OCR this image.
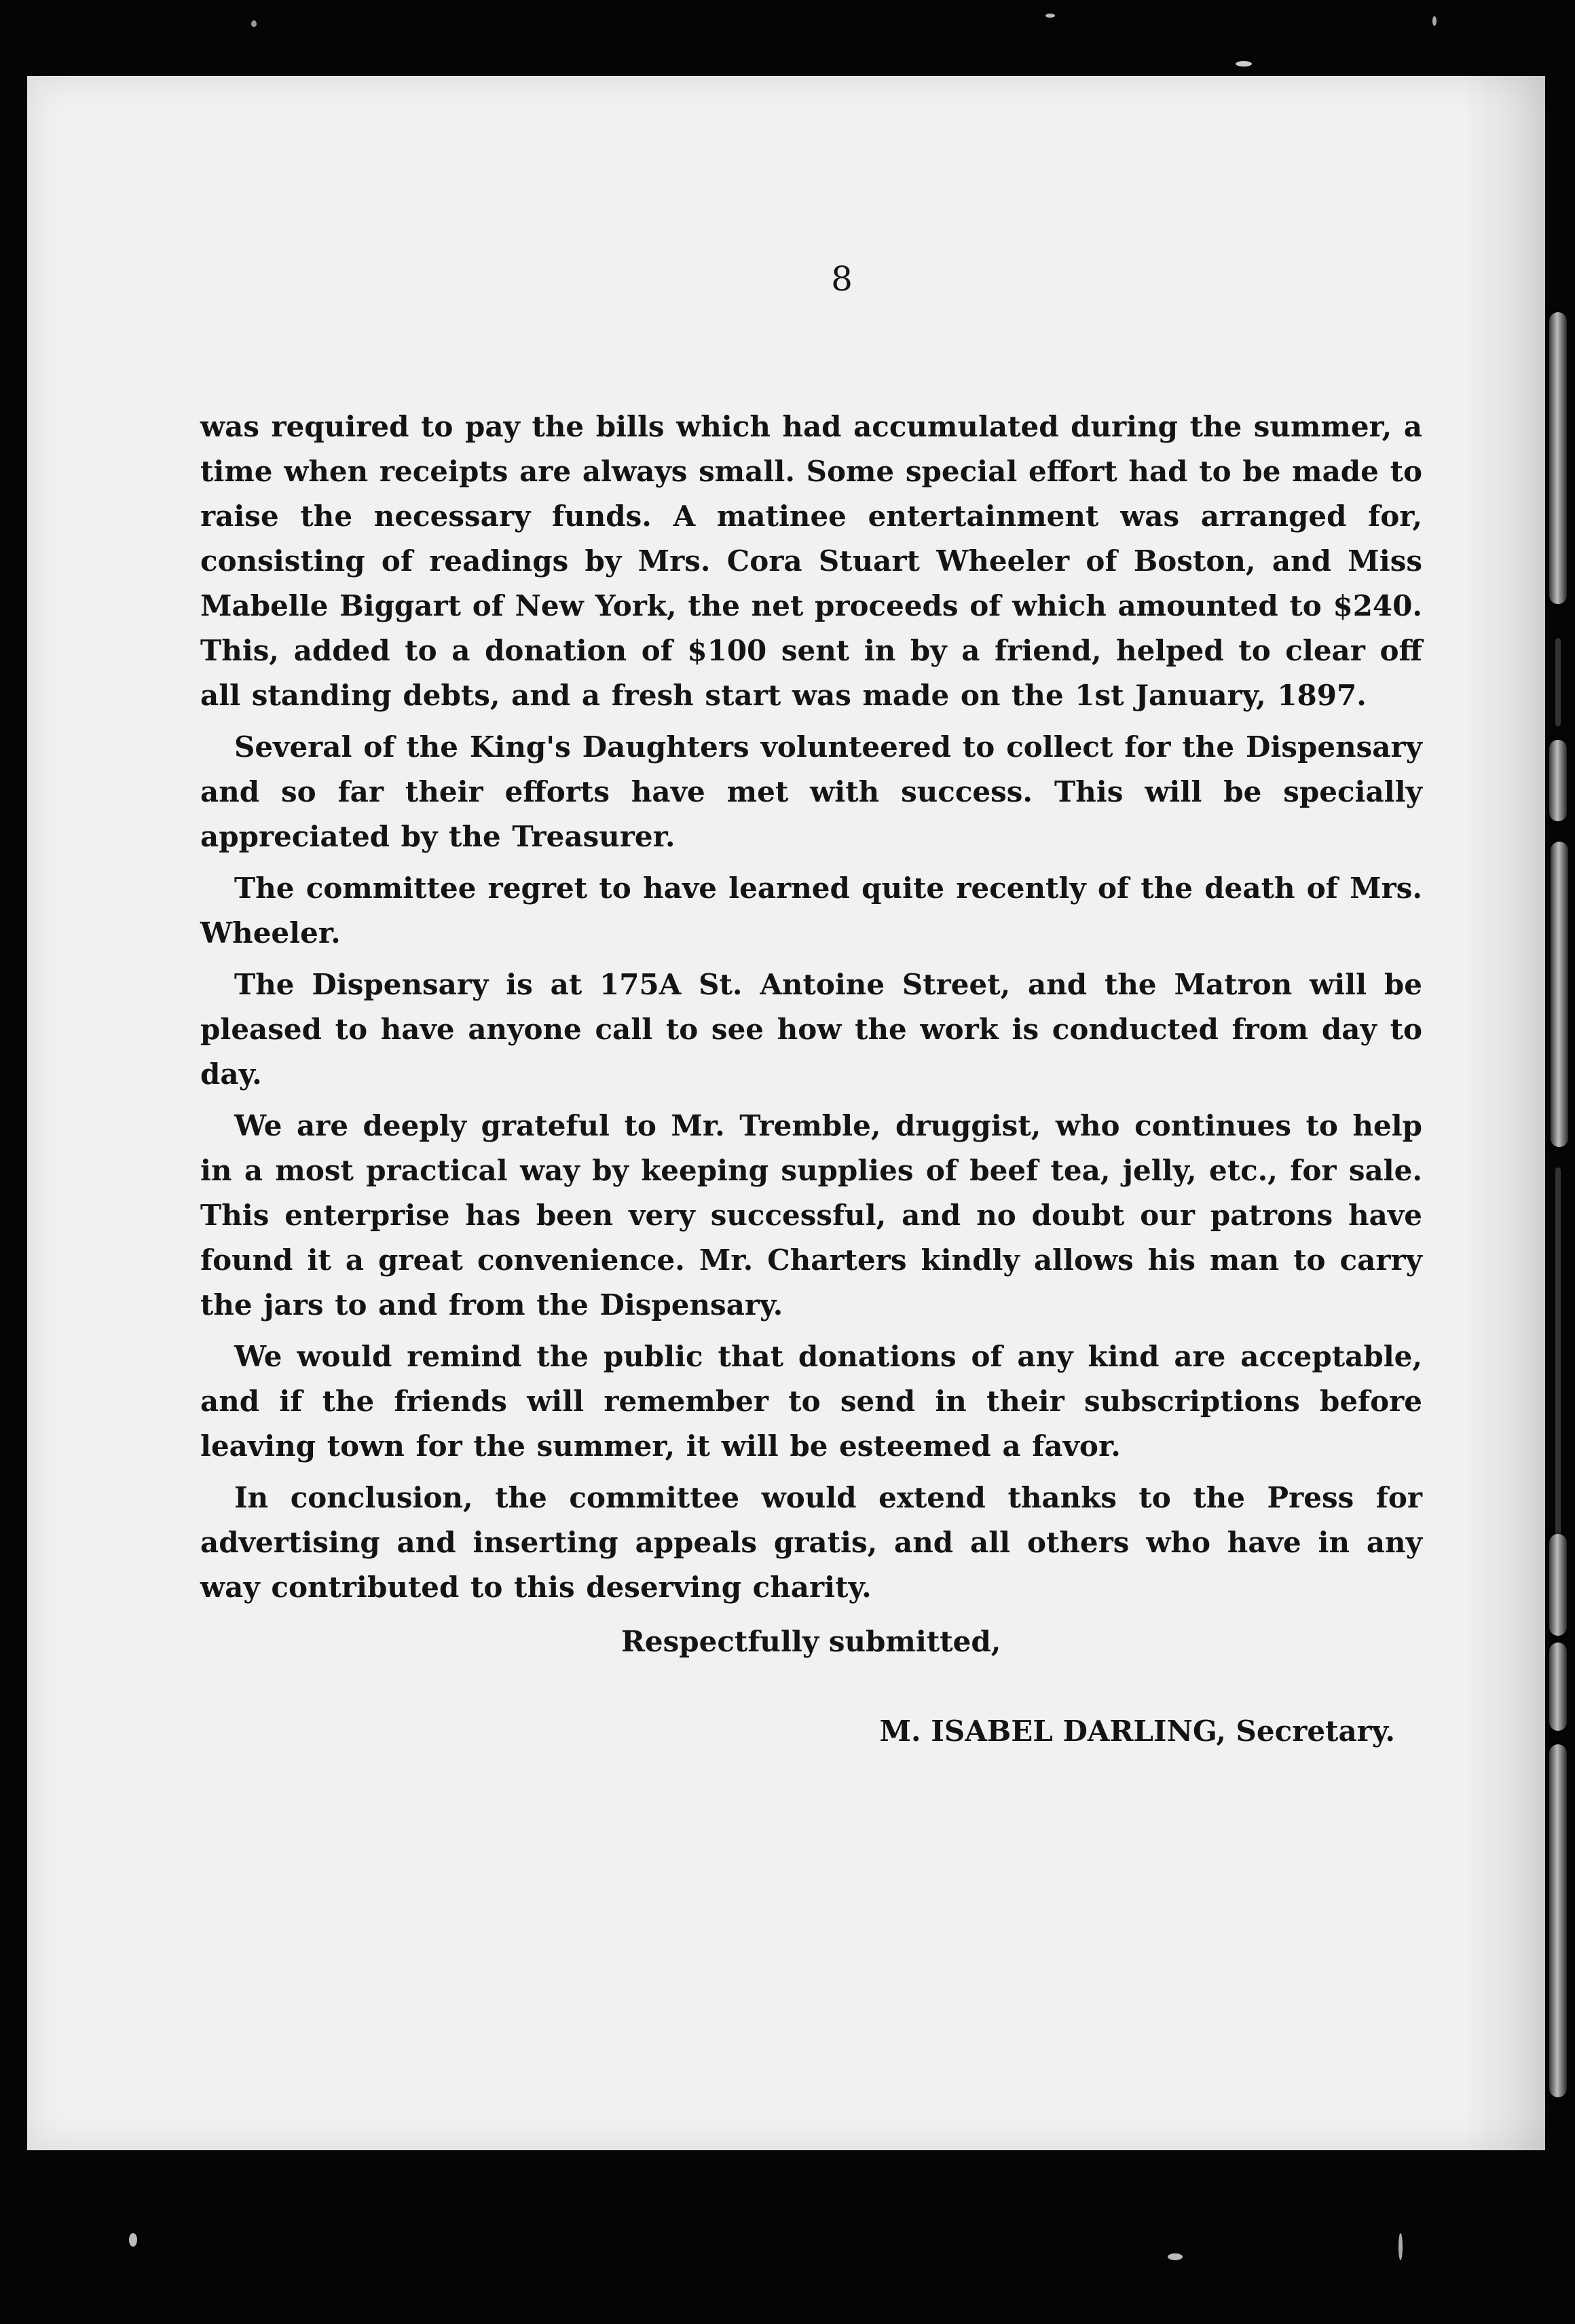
8

was required to pay the bills which had accumulated during the summer, a time when receipts are always small. Some special effort had to be made to raise the necessary funds. A matinee entertainment was arranged for, consisting of readings by Mrs. Cora Stuart Wheeler of Boston, and Miss Mabelle Biggart of New York, the net proceeds of which amounted to $240. This, added to a donation of $100 sent in by a friend, helped to clear off all standing debts, and a fresh start was made on the 1st January, 1897.

Several of the King's Daughters volunteered to collect for the Dispensary and so far their efforts have met with success. This will be specially appreciated by the Treasurer.

The committee regret to have learned quite recently of the death of Mrs. Wheeler.

The Dispensary is at 175A St. Antoine Street, and the Matron will be pleased to have anyone call to see how the work is conducted from day to day.

We are deeply grateful to Mr. Tremble, druggist, who continues to help in a most practical way by keeping supplies of beef tea, jelly, etc., for sale. This enterprise has been very successful, and no doubt our patrons have found it a great convenience. Mr. Charters kindly allows his man to carry the jars to and from the Dispensary.

We would remind the public that donations of any kind are acceptable, and if the friends will remember to send in their subscriptions before leaving town for the summer, it will be esteemed a favor.

In conclusion, the committee would extend thanks to the Press for advertising and inserting appeals gratis, and all others who have in any way contributed to this deserving charity.

Respectfully submitted,
M. ISABEL DARLING, Secretary.
